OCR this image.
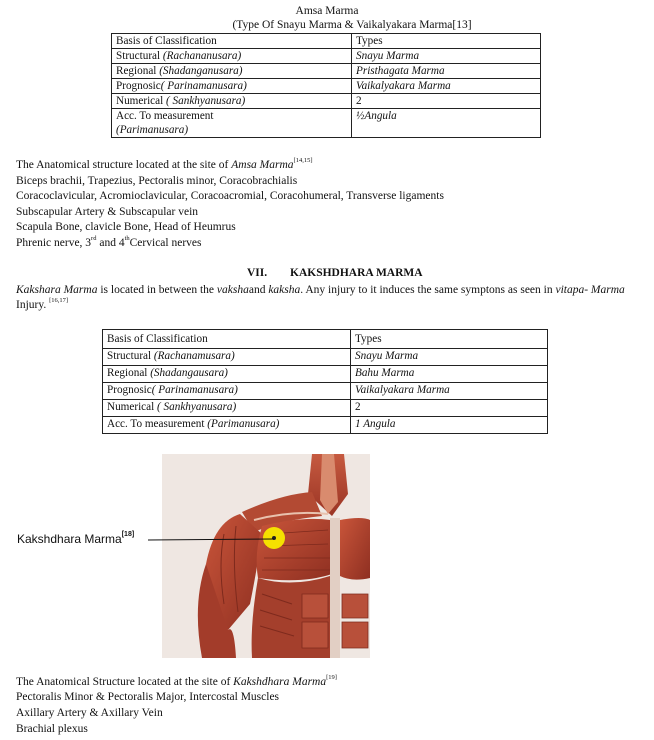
Amsa Marma
(Type Of Snayu Marma & Vaikalyakara Marma[13]
Basis of Classification	Types
Structural (Rachananusara)	Snayu Marma
Regional (Shadanganusara)	Pristhagata Marma
Prognosic( Parinamanusara)	Vaikalyakara Marma
Numerical ( Sankhyanusara)	2
Acc. To measurement
(Parimanusara)	½Angula
The Anatomical structure located at the site of Amsa Marma[14,15]
Biceps brachii, Trapezius, Pectoralis minor, Coracobrachialis
Coracoclavicular, Acromioclavicular, Coracoacromial, Coracohumeral, Transverse ligaments
Subscapular Artery & Subscapular vein
Scapula Bone, clavicle Bone, Head of Heumrus
Phrenic nerve, 3rd and 4thCervical nerves
VII. KAKSHDHARA MARMA
Kakshara Marma is located in between the vakshaand kaksha. Any injury to it induces the same symptons as seen in vitapa- Marma
Injury. [16,17]
Basis of Classification	Types
Structural (Rachanamusara)	Snayu Marma
Regional (Shadangausara)	Bahu Marma
Prognosic( Parinamanusara)	Vaikalyakara Marma
Numerical ( Sankhyanusara)	2
Acc. To measurement (Parimanusara)	1 Angula
Kakshdhara Marma[18]
The Anatomical Structure located at the site of Kakshdhara Marma[19]
Pectoralis Minor & Pectoralis Major, Intercostal Muscles
Axillary Artery & Axillary Vein
Brachial plexus
